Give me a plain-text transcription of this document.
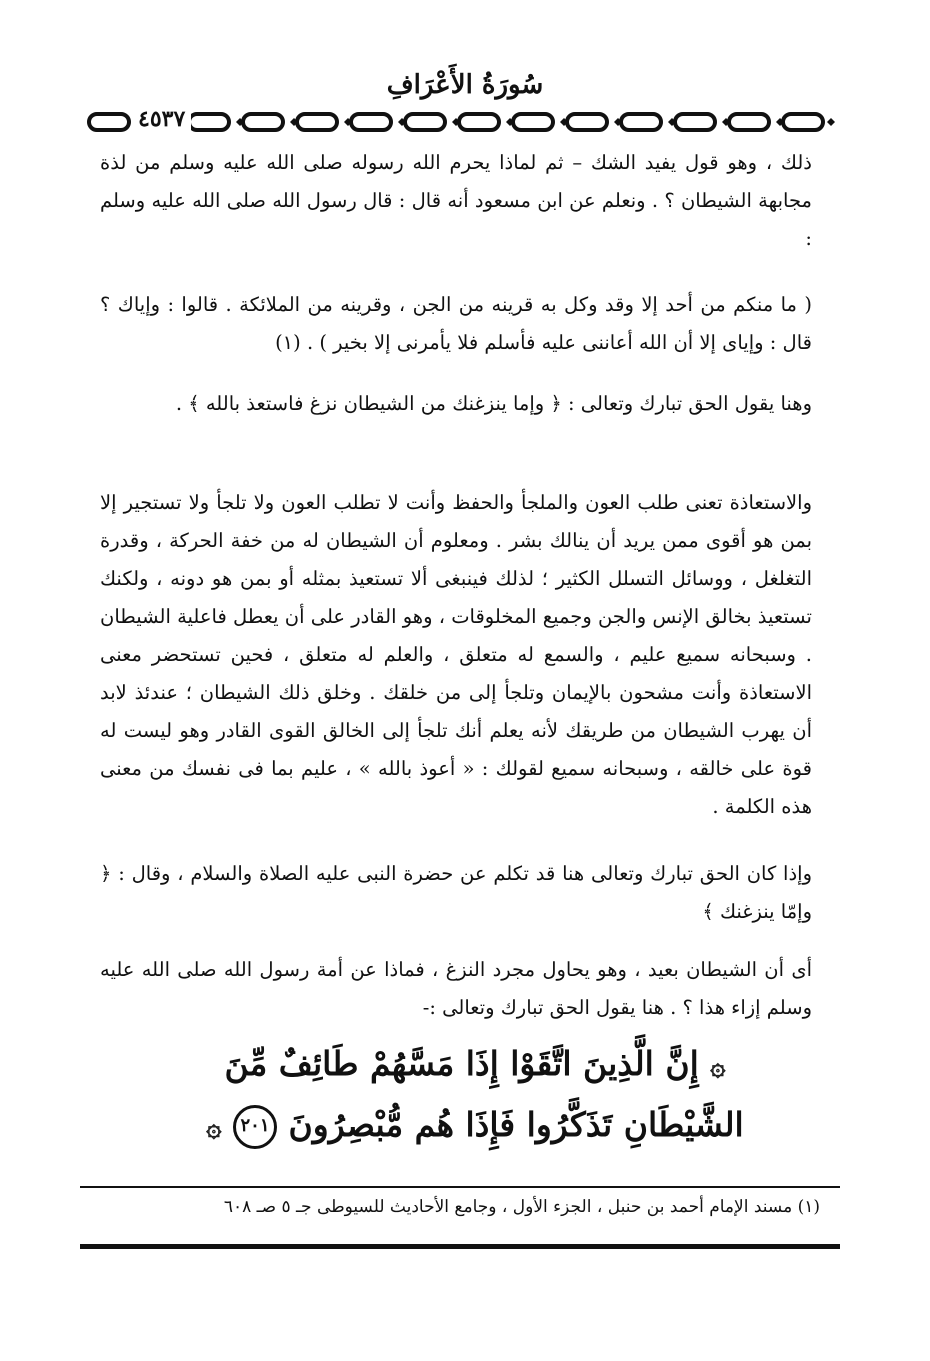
سُورَةُ الأَعْرَافِ
٤٥٣٧
ذلك ، وهو قول يفيد الشك – ثم لماذا يحرم الله رسوله صلى الله عليه وسلم من لذة مجابهة الشيطان ؟ . ونعلم عن ابن مسعود أنه قال : قال رسول الله صلى الله عليه وسلم :
( ما منكم من أحد إلا وقد وكل به قرينه من الجن ، وقرينه من الملائكة . قالوا : وإياك ؟ قال : وإياى إلا أن الله أعاننى عليه فأسلم فلا يأمرنى إلا بخير ) . (١)
وهنا يقول الحق تبارك وتعالى : ﴿ وإما ينزغنك من الشيطان نزغ فاستعذ بالله ﴾ .
والاستعاذة تعنى طلب العون والملجأ والحفظ وأنت لا تطلب العون ولا تلجأ ولا تستجير إلا بمن هو أقوى ممن يريد أن ينالك بشر . ومعلوم أن الشيطان له من خفة الحركة ، وقدرة التغلغل ، ووسائل التسلل الكثير ؛ لذلك فينبغى ألا تستعيذ بمثله أو بمن هو دونه ، ولكنك تستعيذ بخالق الإنس والجن وجميع المخلوقات ، وهو القادر على أن يعطل فاعلية الشيطان . وسبحانه سميع عليم ، والسمع له متعلق ، والعلم له متعلق ، فحين تستحضر معنى الاستعاذة وأنت مشحون بالإيمان وتلجأ إلى من خلقك . وخلق ذلك الشيطان ؛ عندئذ لابد أن يهرب الشيطان من طريقك لأنه يعلم أنك تلجأ إلى الخالق القوى القادر وهو ليست له قوة على خالقه ، وسبحانه سميع لقولك : « أعوذ بالله » ، عليم بما فى نفسك من معنى هذه الكلمة .
وإذا كان الحق تبارك وتعالى هنا قد تكلم عن حضرة النبى عليه الصلاة والسلام ، وقال : ﴿ وإمّا ينزغنك ﴾
أى أن الشيطان بعيد ، وهو يحاول مجرد النزغ ، فماذا عن أمة رسول الله صلى الله عليه وسلم إزاء هذا ؟ . هنا يقول الحق تبارك وتعالى :-
۞ إِنَّ الَّذِينَ اتَّقَوْا إِذَا مَسَّهُمْ طَائِفٌ مِّنَ
الشَّيْطَانِ تَذَكَّرُوا فَإِذَا هُم مُّبْصِرُونَ ٢٠١ ۞
(١) مسند الإمام أحمد بن حنبل ، الجزء الأول ، وجامع الأحاديث للسيوطى جـ ٥ صـ ٦٠٨
